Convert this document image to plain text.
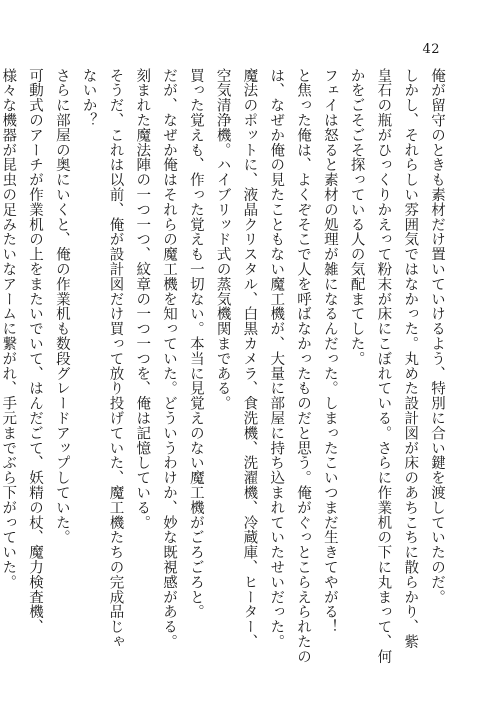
42
俺が留守のときも素材だけ置いていけるよう、特別に合い鍵を渡していたのだ。
しかし、それらしい雰囲気ではなかった。丸めた設計図が床のあちこちに散らかり、紫
皇石の瓶がひっくりかえって粉末が床にこぼれている。さらに作業机の下に丸まって、何
かをごそごそ探っている人の気配まてした。
フェイは怒ると素材の処理が雑になるんだった。しまったこいつまだ生きてやがる！
と焦った俺は、よくぞそこで人を呼ばなかったものだと思う。俺がぐっとこらえられたの
は、なぜか俺の見たこともない魔工機が、大量に部屋に持ち込まれていたせいだった。
魔法のポットに、液晶クリスタル、白黒カメラ、食洗機、洗濯機、冷蔵庫、ヒーター、
空気清浄機。ハイブリッド式の蒸気機関まである。
買った覚えも、作った覚えも一切ない。本当に見覚えのない魔工機がごろごろと。
だが、なぜか俺はそれらの魔工機を知っていた。どういうわけか、妙な既視感がある。
刻まれた魔法陣の一つ一つ、紋章の一つ一つを、俺は記憶している。
そうだ、これは以前、俺が設計図だけ買って放り投げていた、魔工機たちの完成品じゃ
ないか？
さらに部屋の奥にいくと、俺の作業机も数段グレードアップしていた。
可動式のアーチが作業机の上をまたいでいて、はんだごて、妖精の杖、魔力検査機、
様々な機器が昆虫の足みたいなアームに繋がれ、手元までぶら下がっていた。
